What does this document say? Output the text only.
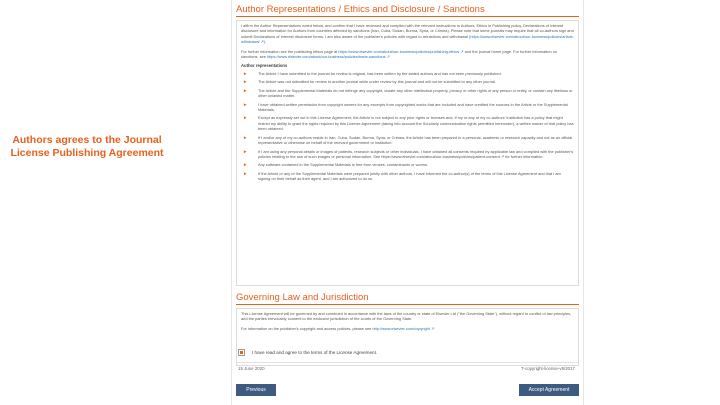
Authors agrees to the Journal License Publishing Agreement
Author Representations / Ethics and Disclosure / Sanctions

I affirm the Author Representations noted below, and confirm that I have reviewed and complied with the relevant instructions to Authors, Ethics in Publishing policy, Declarations of Interest disclosure and information for Authors from countries affected by sanctions (Iran, Cuba, Sudan, Burma, Syria, or Crimea). Please note that some journals may require that all co-authors sign and submit Declarations of Interest disclosure forms. I am also aware of the publisher's policies with regard to retractions and withdrawal (https://www.elsevier.com/about/our-business/policies/article-withdrawal ↗).

For further information see the publishing ethics page at https://www.elsevier.com/about/our-business/policies/publishing-ethics ↗ and the journal home page. For further information on sanctions, see https://www.elsevier.com/about/our-business/policies/trade-sanctions ↗

Author representations
►	The Article I have submitted to the journal for review is original, has been written by the stated authors and has not been previously published.
►	The Article was not submitted for review to another journal while under review by this journal and will not be submitted to any other journal.
►	The Article and the Supplemental Materials do not infringe any copyright, violate any other intellectual property, privacy or other rights of any person or entity, or contain any libellous or other unlawful matter.
►	I have obtained written permission from copyright owners for any excerpts from copyrighted works that are included and have credited the sources in the Article or the Supplemental Materials.
►	Except as expressly set out in this License Agreement, the Article is not subject to any prior rights or licenses and, if my or any of my co-authors' institution has a policy that might restrict my ability to grant the rights required by this License Agreement (taking into account the Scholarly communication rights permitted hereunder), a written waiver of that policy has been obtained.
►	If I and/or any of my co-authors reside in Iran, Cuba, Sudan, Burma, Syria, or Crimea, the Article has been prepared in a personal, academic or research capacity and not as an official representative or otherwise on behalf of the relevant government or institution.
►	If I am using any personal details or images of patients, research subjects or other individuals, I have obtained all consents required by applicable law and complied with the publisher's policies relating to the use of such images or personal information. See https://www.elsevier.com/about/our-business/policies/patient-consent ↗ for further information.
►	Any software contained in the Supplemental Materials is free from viruses, contaminants or worms.
►	If the Article or any of the Supplemental Materials were prepared jointly with other authors, I have informed the co-author(s) of the terms of this License Agreement and that I am signing on their behalf as their agent, and I am authorized to do so.
Governing Law and Jurisdiction

This License Agreement will be governed by and construed in accordance with the laws of the country or state of Elsevier Ltd ("the Governing State"), without regard to conflict of law principles, and the parties irrevocably consent to the exclusive jurisdiction of the courts of the Governing State.

For information on the publisher's copyright and access policies, please see http://www.elsevier.com/copyright ↗.

I have read and agree to the terms of the License Agreement.
15 June 2020	T-copyright-license-v5/2017
Previous	Accept Agreement
